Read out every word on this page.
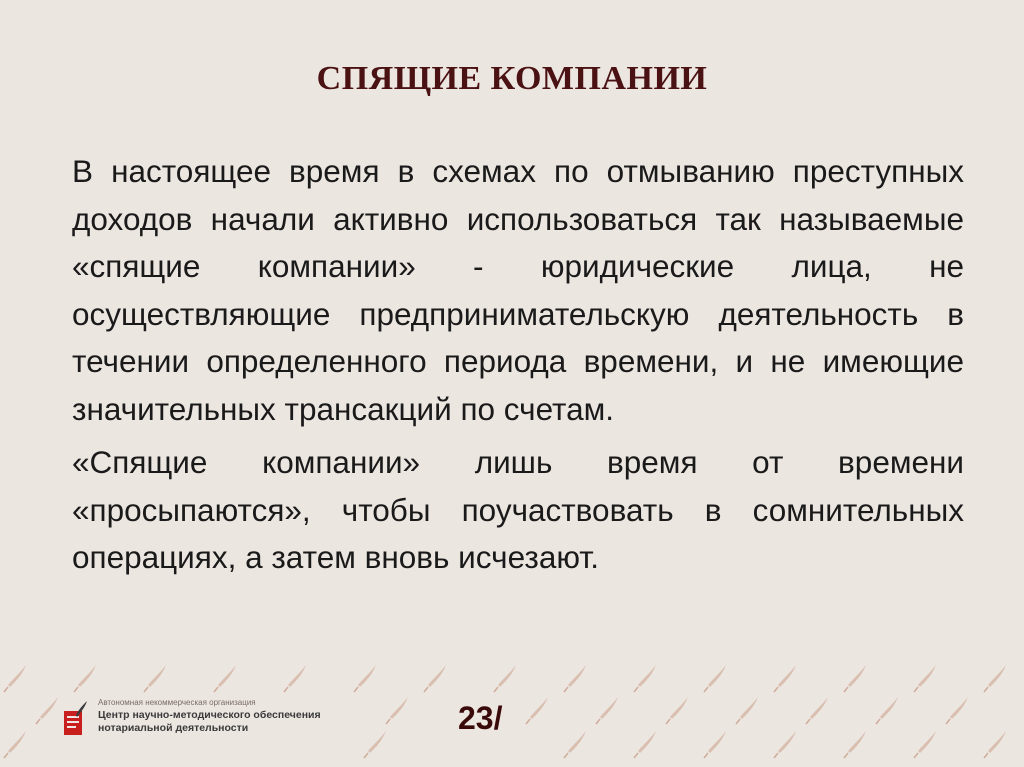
СПЯЩИЕ КОМПАНИИ

В настоящее время в схемах по отмыванию преступных доходов начали активно использоваться так называемые «спящие компании» - юридические лица, не осуществляющие предпринимательскую деятельность в течении определенного периода времени, и не имеющие значительных трансакций по счетам.

«Спящие компании» лишь время от времени «просыпаются», чтобы поучаствовать в сомнительных операциях, а затем вновь исчезают.

Автономная некоммерческая организация
Центр научно-методического обеспечения
нотариальной деятельности	23/
